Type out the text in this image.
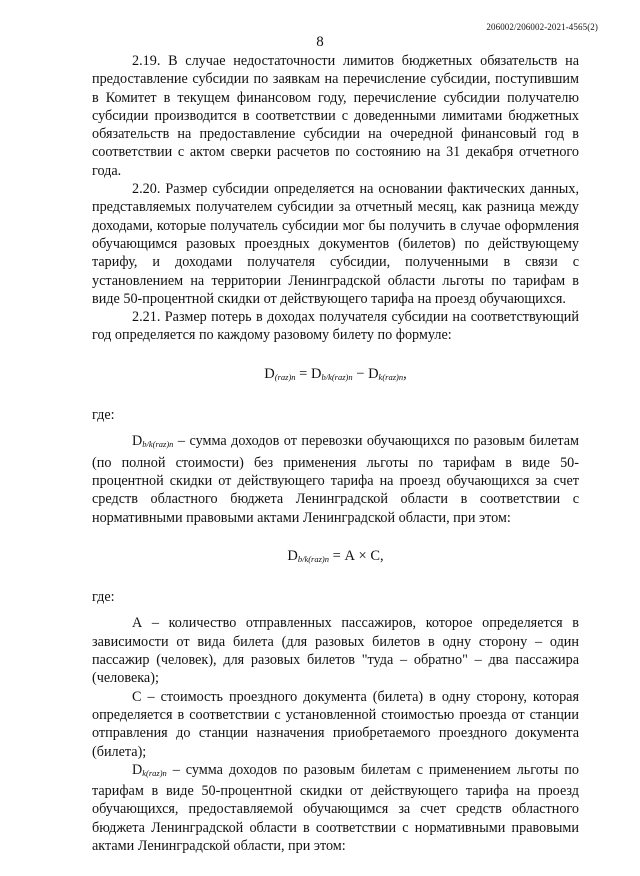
206002/206002-2021-4565(2)
8

2.19. В случае недостаточности лимитов бюджетных обязательств на предоставление субсидии по заявкам на перечисление субсидии, поступившим в Комитет в текущем финансовом году, перечисление субсидии получателю субсидии производится в соответствии с доведенными лимитами бюджетных обязательств на предоставление субсидии на очередной финансовый год в соответствии с актом сверки расчетов по состоянию на 31 декабря отчетного года.

2.20. Размер субсидии определяется на основании фактических данных, представляемых получателем субсидии за отчетный месяц, как разница между доходами, которые получатель субсидии мог бы получить в случае оформления обучающимся разовых проездных документов (билетов) по действующему тарифу, и доходами получателя субсидии, полученными в связи с установлением на территории Ленинградской области льготы по тарифам в виде 50-процентной скидки от действующего тарифа на проезд обучающихся.

2.21. Размер потерь в доходах получателя субсидии на соответствующий год определяется по каждому разовому билету по формуле:

$D_{(raz)n} = D_{b/k(raz)n} - D_{k(raz)n}$,

где:

$D_{b/k(raz)n}$ – сумма доходов от перевозки обучающихся по разовым билетам (по полной стоимости) без применения льготы по тарифам в виде 50-процентной скидки от действующего тарифа на проезд обучающихся за счет средств областного бюджета Ленинградской области в соответствии с нормативными правовыми актами Ленинградской области, при этом:

$D_{b/k(raz)n} = А \times С$,

где:

А – количество отправленных пассажиров, которое определяется в зависимости от вида билета (для разовых билетов в одну сторону – один пассажир (человек), для разовых билетов "туда – обратно" – два пассажира (человека);

С – стоимость проездного документа (билета) в одну сторону, которая определяется в соответствии с установленной стоимостью проезда от станции отправления до станции назначения приобретаемого проездного документа (билета);

$D_{k(raz)n}$ – сумма доходов по разовым билетам с применением льготы по тарифам в виде 50-процентной скидки от действующего тарифа на проезд обучающихся, предоставляемой обучающимся за счет средств областного бюджета Ленинградской области в соответствии с нормативными правовыми актами Ленинградской области, при этом:
